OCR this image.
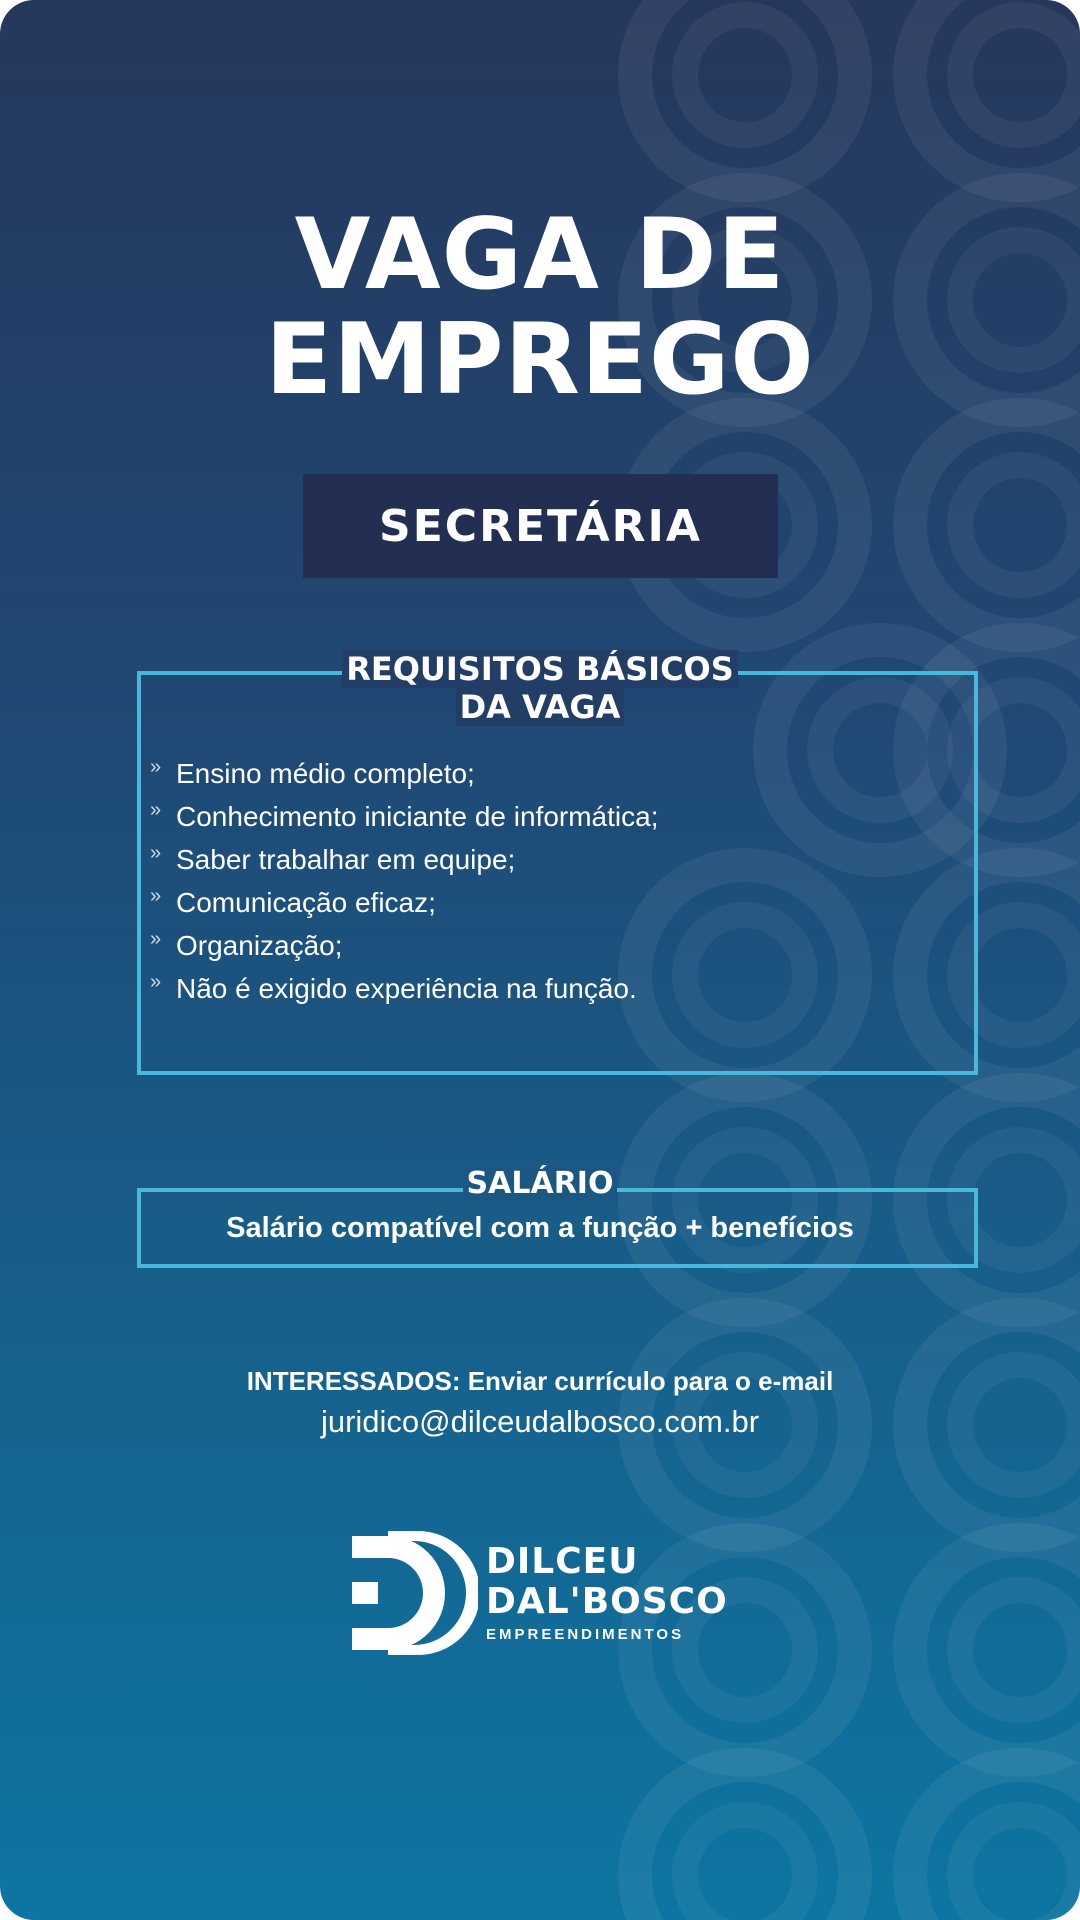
VAGA DE
EMPREGO
SECRETÁRIA
REQUISITOS BÁSICOS
DA VAGA
» Ensino médio completo;
» Conhecimento iniciante de informática;
» Saber trabalhar em equipe;
» Comunicação eficaz;
» Organização;
» Não é exigido experiência na função.
SALÁRIO
Salário compatível com a função + benefícios
INTERESSADOS: Enviar currículo para o e-mail
juridico@dilceudalbosco.com.br
DILCEU
DAL'BOSCO
EMPREENDIMENTOS
